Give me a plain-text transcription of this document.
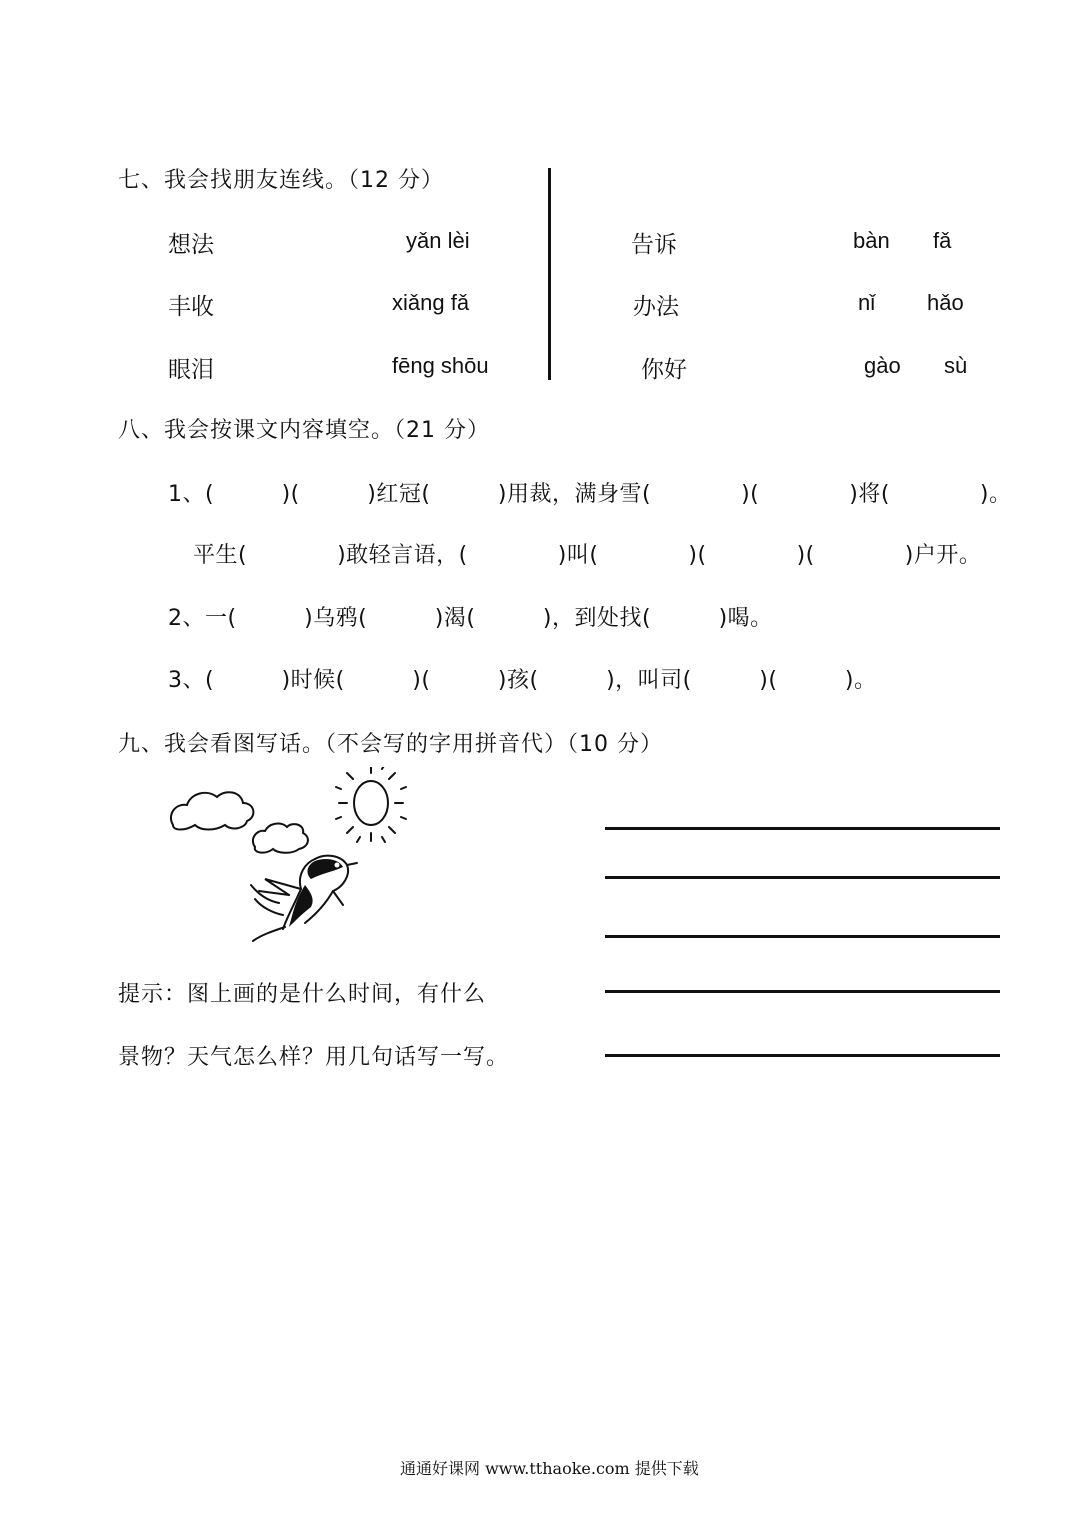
七、我会找朋友连线。（12 分）
想法
丰收
眼泪
yǎn lèi
xiǎng fǎ
fēng shōu
告诉
办法
你好
bàn fǎ
nǐ hǎo
gào sù
八、我会按课文内容填空。（21 分）
1、(　　　)(　　　)红冠(　　　)用裁，满身雪(　　　　)(　　　　)将(　　　　)。
平生(　　　　)敢轻言语，(　　　　)叫(　　　　)(　　　　)(　　　　)户开。
2、一(　　　)乌鸦(　　　)渴(　　　)，到处找(　　　)喝。
3、(　　　)时候(　　　)(　　　)孩(　　　)，叫司(　　　)(　　　)。
九、我会看图写话。（不会写的字用拼音代）（10 分）
提示：图上画的是什么时间，有什么
景物？天气怎么样？用几句话写一写。
通通好课网 www.tthaoke.com 提供下载
